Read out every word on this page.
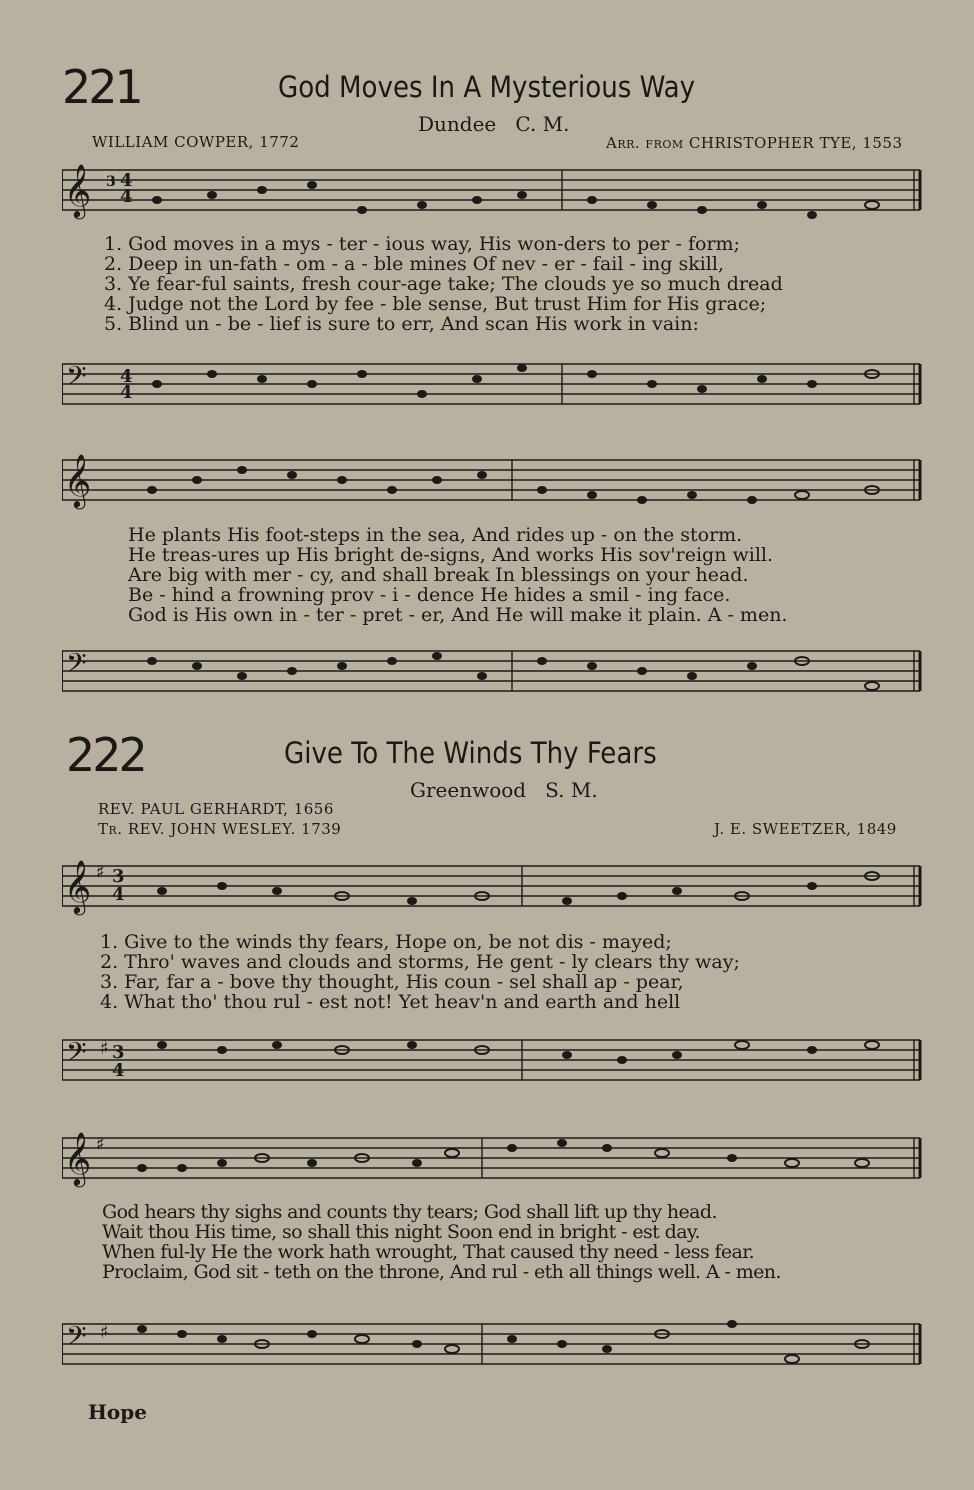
221	God Moves In A Mysterious Way
Dundee C. M.
WILLIAM COWPER, 1772	Arr. from CHRISTOPHER TYE, 1553
𝄞 3 4
4
1. God moves in a mys - ter - ious way, His won-ders to per - form;
2. Deep in un-fath - om - a - ble mines Of nev - er - fail - ing skill,
3. Ye fear-ful saints, fresh cour-age take; The clouds ye so much dread
4. Judge not the Lord by fee - ble sense, But trust Him for His grace;
5. Blind un - be - lief is sure to err, And scan His work in vain:
𝄢 4
4
𝄞
He plants His foot-steps in the sea, And rides up - on the storm.
He treas-ures up His bright de-signs, And works His sov'reign will.
Are big with mer - cy, and shall break In blessings on your head.
Be - hind a frowning prov - i - dence He hides a smil - ing face.
God is His own in - ter - pret - er, And He will make it plain. A - men.
𝄢
222	Give To The Winds Thy Fears
Greenwood S. M.
REV. PAUL GERHARDT, 1656
Tr. REV. JOHN WESLEY. 1739	J. E. SWEETZER, 1849
𝄞 ♯ 3
4
1. Give to the winds thy fears, Hope on, be not dis - mayed;
2. Thro' waves and clouds and storms, He gent - ly clears thy way;
3. Far, far a - bove thy thought, His coun - sel shall ap - pear,
4. What tho' thou rul - est not! Yet heav'n and earth and hell
𝄢 ♯ 3
4
𝄞 ♯
God hears thy sighs and counts thy tears; God shall lift up thy head.
Wait thou His time, so shall this night Soon end in bright - est day.
When ful-ly He the work hath wrought, That caused thy need - less fear.
Proclaim, God sit - teth on the throne, And rul - eth all things well. A - men.
𝄢 ♯
Hope
